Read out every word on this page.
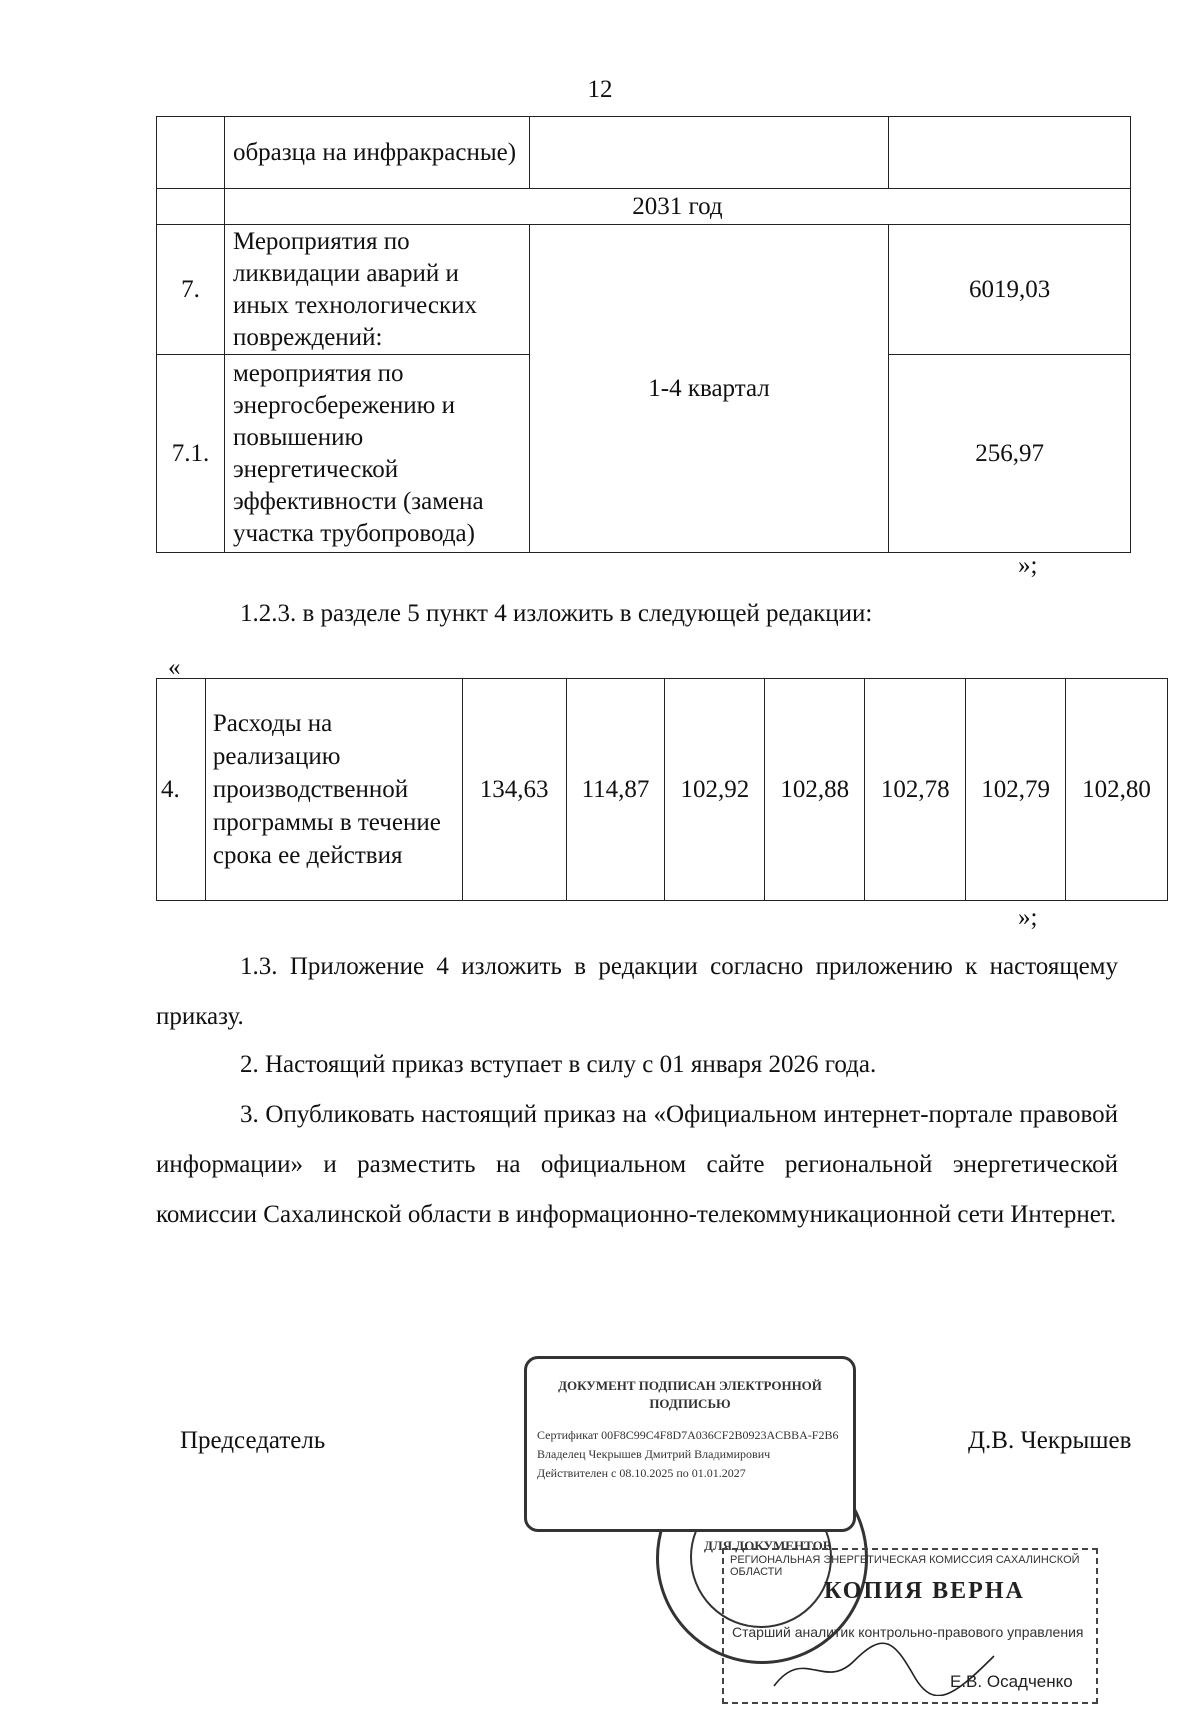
12
	образца на инфракрасные)		
	2031 год		
7.	Мероприятия по ликвидации аварий и иных технологических повреждений:	1-4 квартал	6019,03
7.1.	мероприятия по энергосбережению и повышению энергетической эффективности (замена участка трубопровода)		256,97
»;
1.2.3. в разделе 5 пункт 4 изложить в следующей редакции:
«
4.	Расходы на реализацию производственной программы в течение срока ее действия	134,63	114,87	102,92	102,88	102,78	102,79	102,80
»;
1.3. Приложение 4 изложить в редакции согласно приложению к настоящему приказу.
2. Настоящий приказ вступает в силу с 01 января 2026 года.
3. Опубликовать настоящий приказ на «Официальном интернет-портале правовой информации» и разместить на официальном сайте региональной энергетической комиссии Сахалинской области в информационно-телекоммуникационной сети Интернет.
Председатель	Д.В. Чекрышев
ДЛЯ ДОКУМЕНТОВ
ДОКУМЕНТ ПОДПИСАН ЭЛЕКТРОННОЙ ПОДПИСЬЮ
Сертификат 00F8C99C4F8D7A036CF2B0923ACBBA-F2B6
Владелец Чекрышев Дмитрий Владимирович
Действителен с 08.10.2025 по 01.01.2027
РЕГИОНАЛЬНАЯ ЭНЕРГЕТИЧЕСКАЯ КОМИССИЯ САХАЛИНСКОЙ ОБЛАСТИ
КОПИЯ ВЕРНА
Старший аналитик контрольно-правового управления
Е.В. Осадченко
